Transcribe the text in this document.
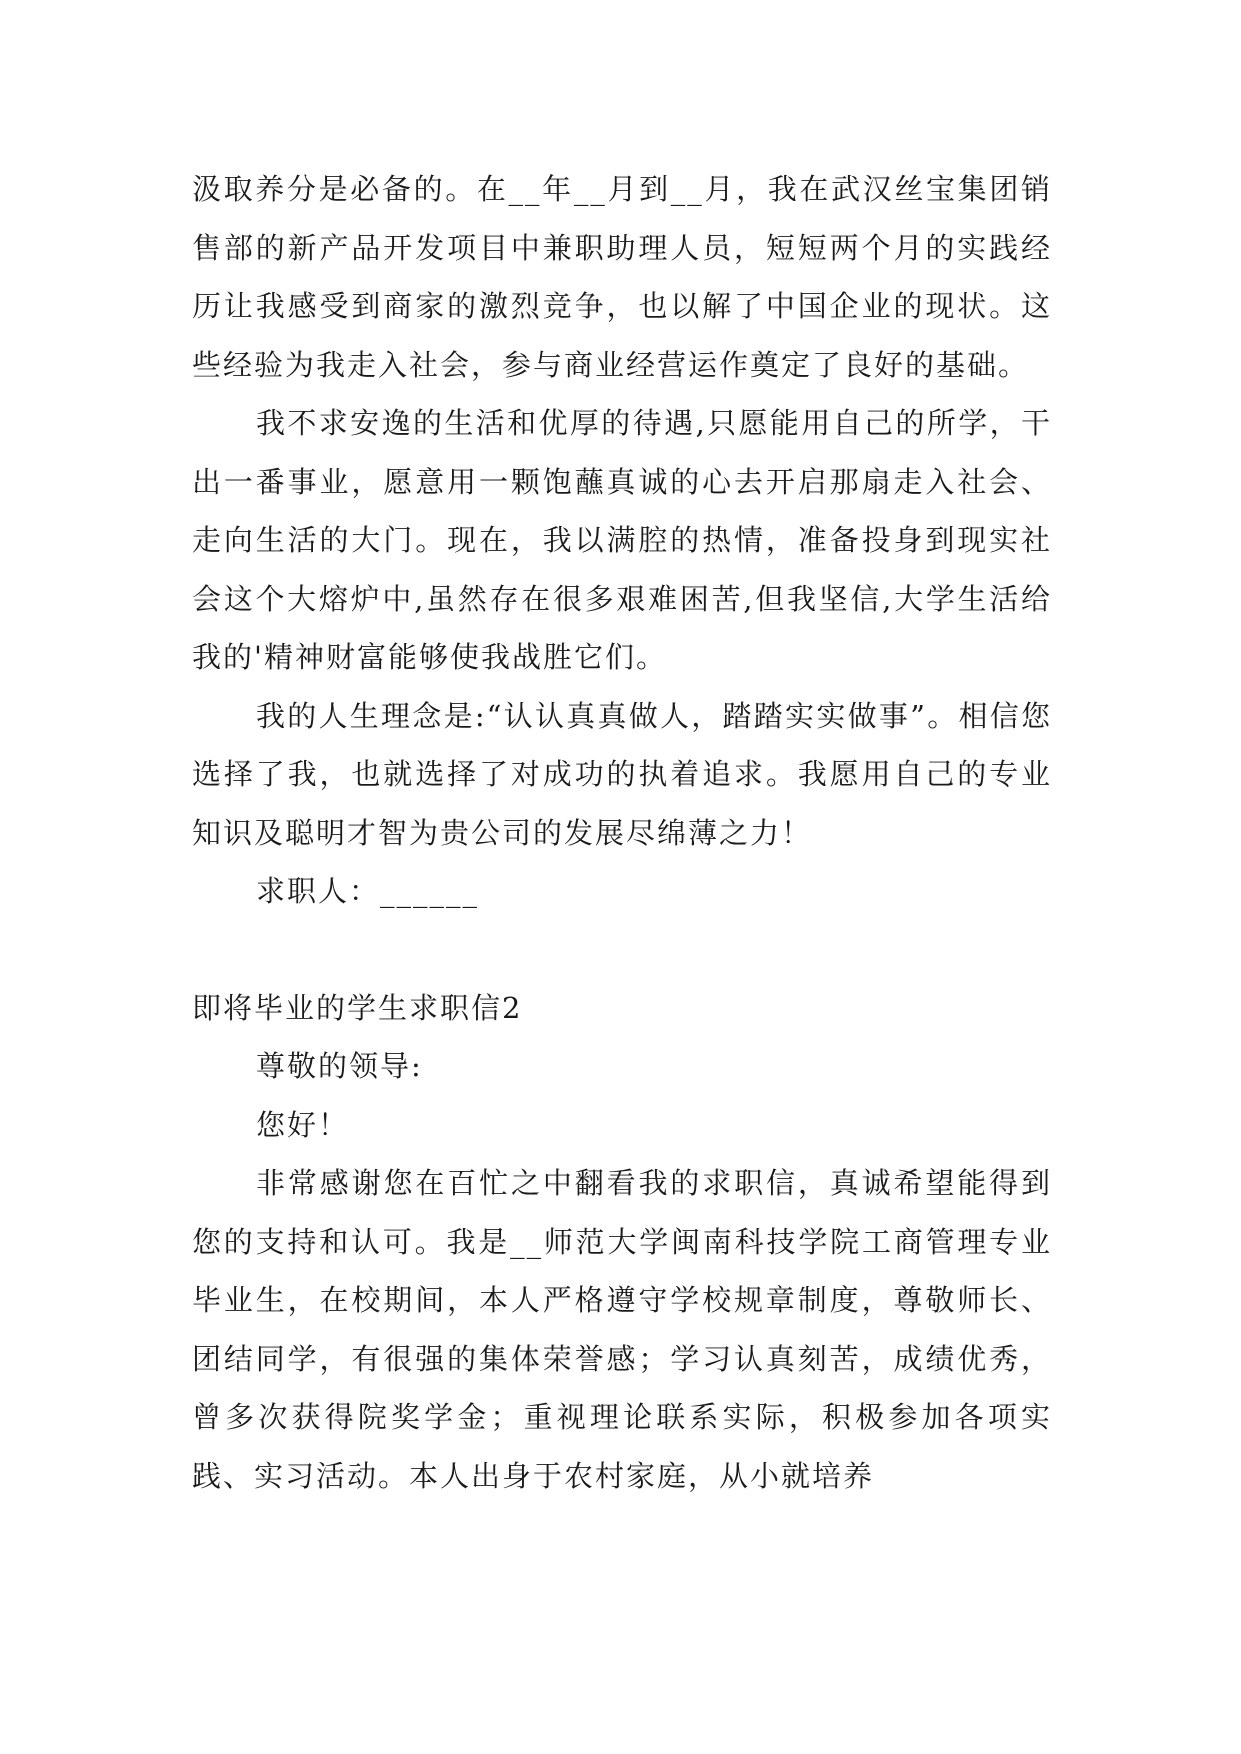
汲取养分是必备的。在__年__月到__月，我在武汉丝宝集团销售部的新产品开发项目中兼职助理人员，短短两个月的实践经历让我感受到商家的激烈竞争，也以解了中国企业的现状。这些经验为我走入社会，参与商业经营运作奠定了良好的基础。

我不求安逸的生活和优厚的待遇,只愿能用自己的所学，干出一番事业，愿意用一颗饱蘸真诚的心去开启那扇走入社会、走向生活的大门。现在，我以满腔的热情，准备投身到现实社会这个大熔炉中,虽然存在很多艰难困苦,但我坚信,大学生活给我的'精神财富能够使我战胜它们。

我的人生理念是:“认认真真做人，踏踏实实做事”。相信您选择了我，也就选择了对成功的执着追求。我愿用自己的专业知识及聪明才智为贵公司的发展尽绵薄之力！

求职人：______

即将毕业的学生求职信2

尊敬的领导:

您好！

非常感谢您在百忙之中翻看我的求职信，真诚希望能得到您的支持和认可。我是__师范大学闽南科技学院工商管理专业毕业生，在校期间，本人严格遵守学校规章制度，尊敬师长、团结同学，有很强的集体荣誉感；学习认真刻苦，成绩优秀，曾多次获得院奖学金；重视理论联系实际，积极参加各项实践、实习活动。本人出身于农村家庭，从小就培养
